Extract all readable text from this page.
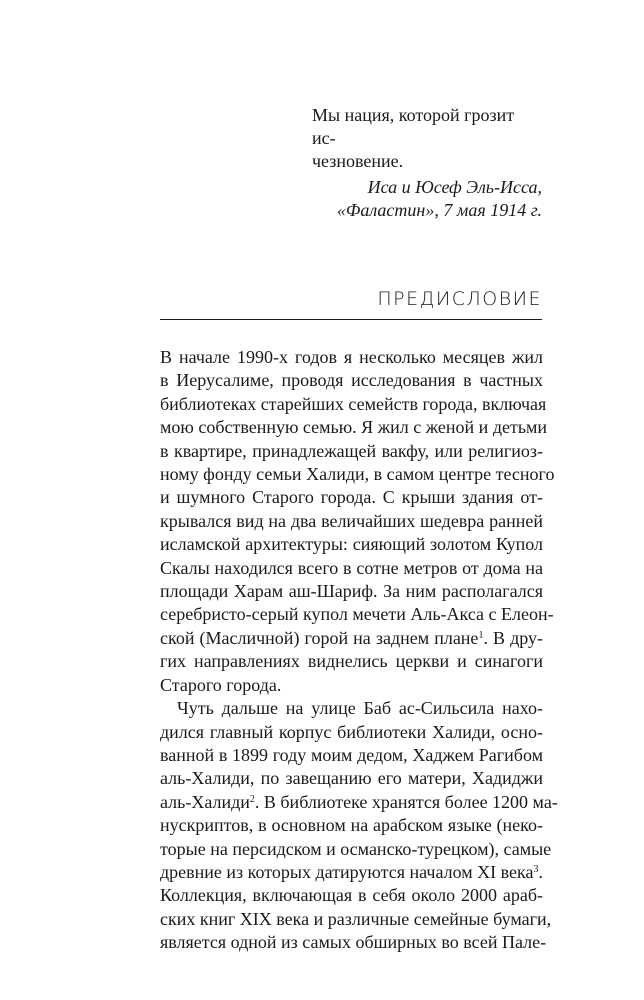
Мы нация, которой грозит ис-
чезновение.

Иса и Юсеф Эль-Исса,
«Фаластин», 7 мая 1914 г.

ПРЕДИСЛОВИЕ
В начале 1990-х годов я несколько месяцев жил
в Иерусалиме, проводя исследования в частных
библиотеках старейших семейств города, включая
мою собственную семью. Я жил с женой и детьми
в квартире, принадлежащей вакфу, или религиоз-
ному фонду семьи Халиди, в самом центре тесного
и шумного Старого города. С крыши здания от-
крывался вид на два величайших шедевра ранней
исламской архитектуры: сияющий золотом Купол
Скалы находился всего в сотне метров от дома на
площади Харам аш-Шариф. За ним располагался
серебристо-серый купол мечети Аль-Акса с Елеон-
ской (Масличной) горой на заднем плане$^1$. В дру-
гих направлениях виднелись церкви и синагоги
Старого города.
Чуть дальше на улице Баб ас-Сильсила нахо-
дился главный корпус библиотеки Халиди, осно-
ванной в 1899 году моим дедом, Хаджем Рагибом
аль-Халиди, по завещанию его матери, Хадиджи
аль-Халиди$^2$. В библиотеке хранятся более 1200 ма-
нускриптов, в основном на арабском языке (неко-
торые на персидском и османско-турецком), самые
древние из которых датируются началом XI века$^3$.
Коллекция, включающая в себя около 2000 араб-
ских книг XIX века и различные семейные бумаги,
является одной из самых обширных во всей Пале-
